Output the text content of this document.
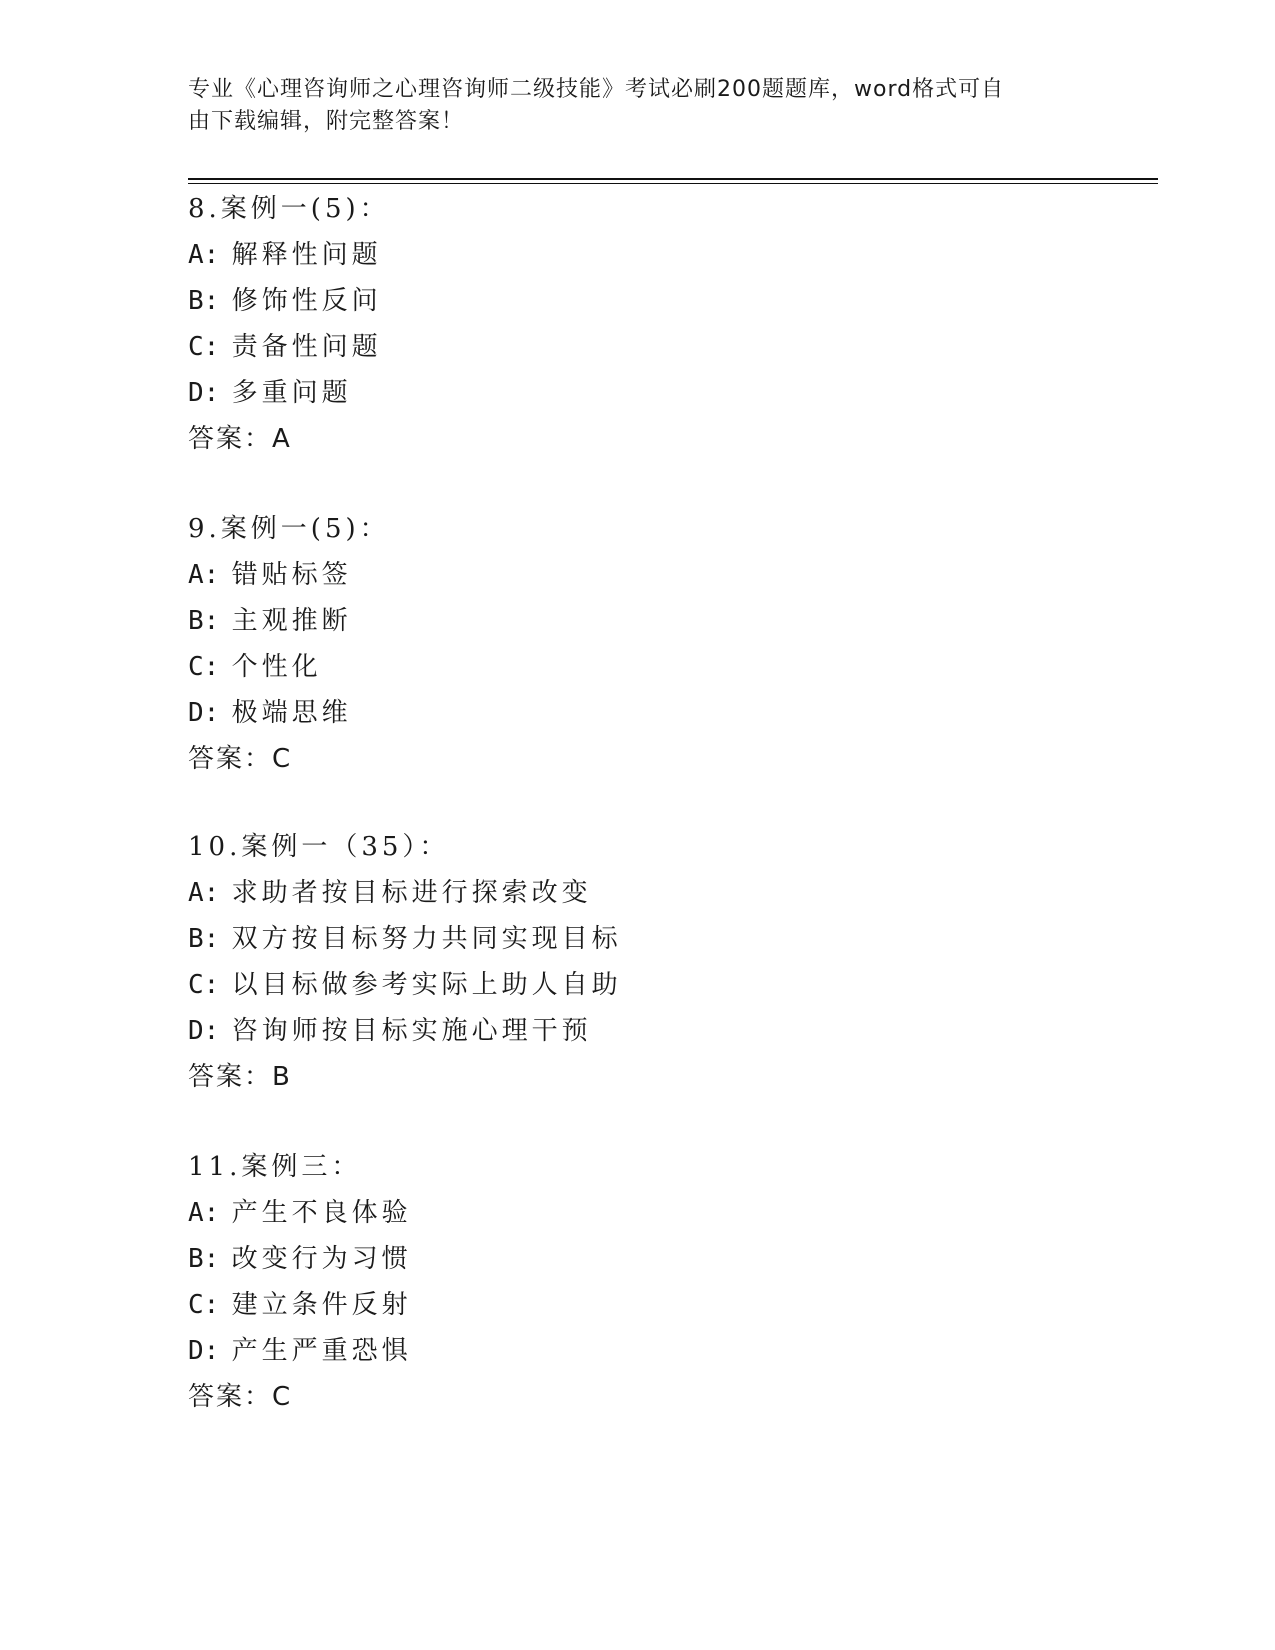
专业《心理咨询师之心理咨询师二级技能》考试必刷200题题库，word格式可自
由下载编辑，附完整答案！
8.案例一(5)：
A: 解释性问题
B: 修饰性反问
C: 责备性问题
D: 多重问题
答案：A
9.案例一(5)：
A: 错贴标签
B: 主观推断
C: 个性化
D: 极端思维
答案：C
10.案例一（35）：
A: 求助者按目标进行探索改变
B: 双方按目标努力共同实现目标
C: 以目标做参考实际上助人自助
D: 咨询师按目标实施心理干预
答案：B
11.案例三：
A: 产生不良体验
B: 改变行为习惯
C: 建立条件反射
D: 产生严重恐惧
答案：C
